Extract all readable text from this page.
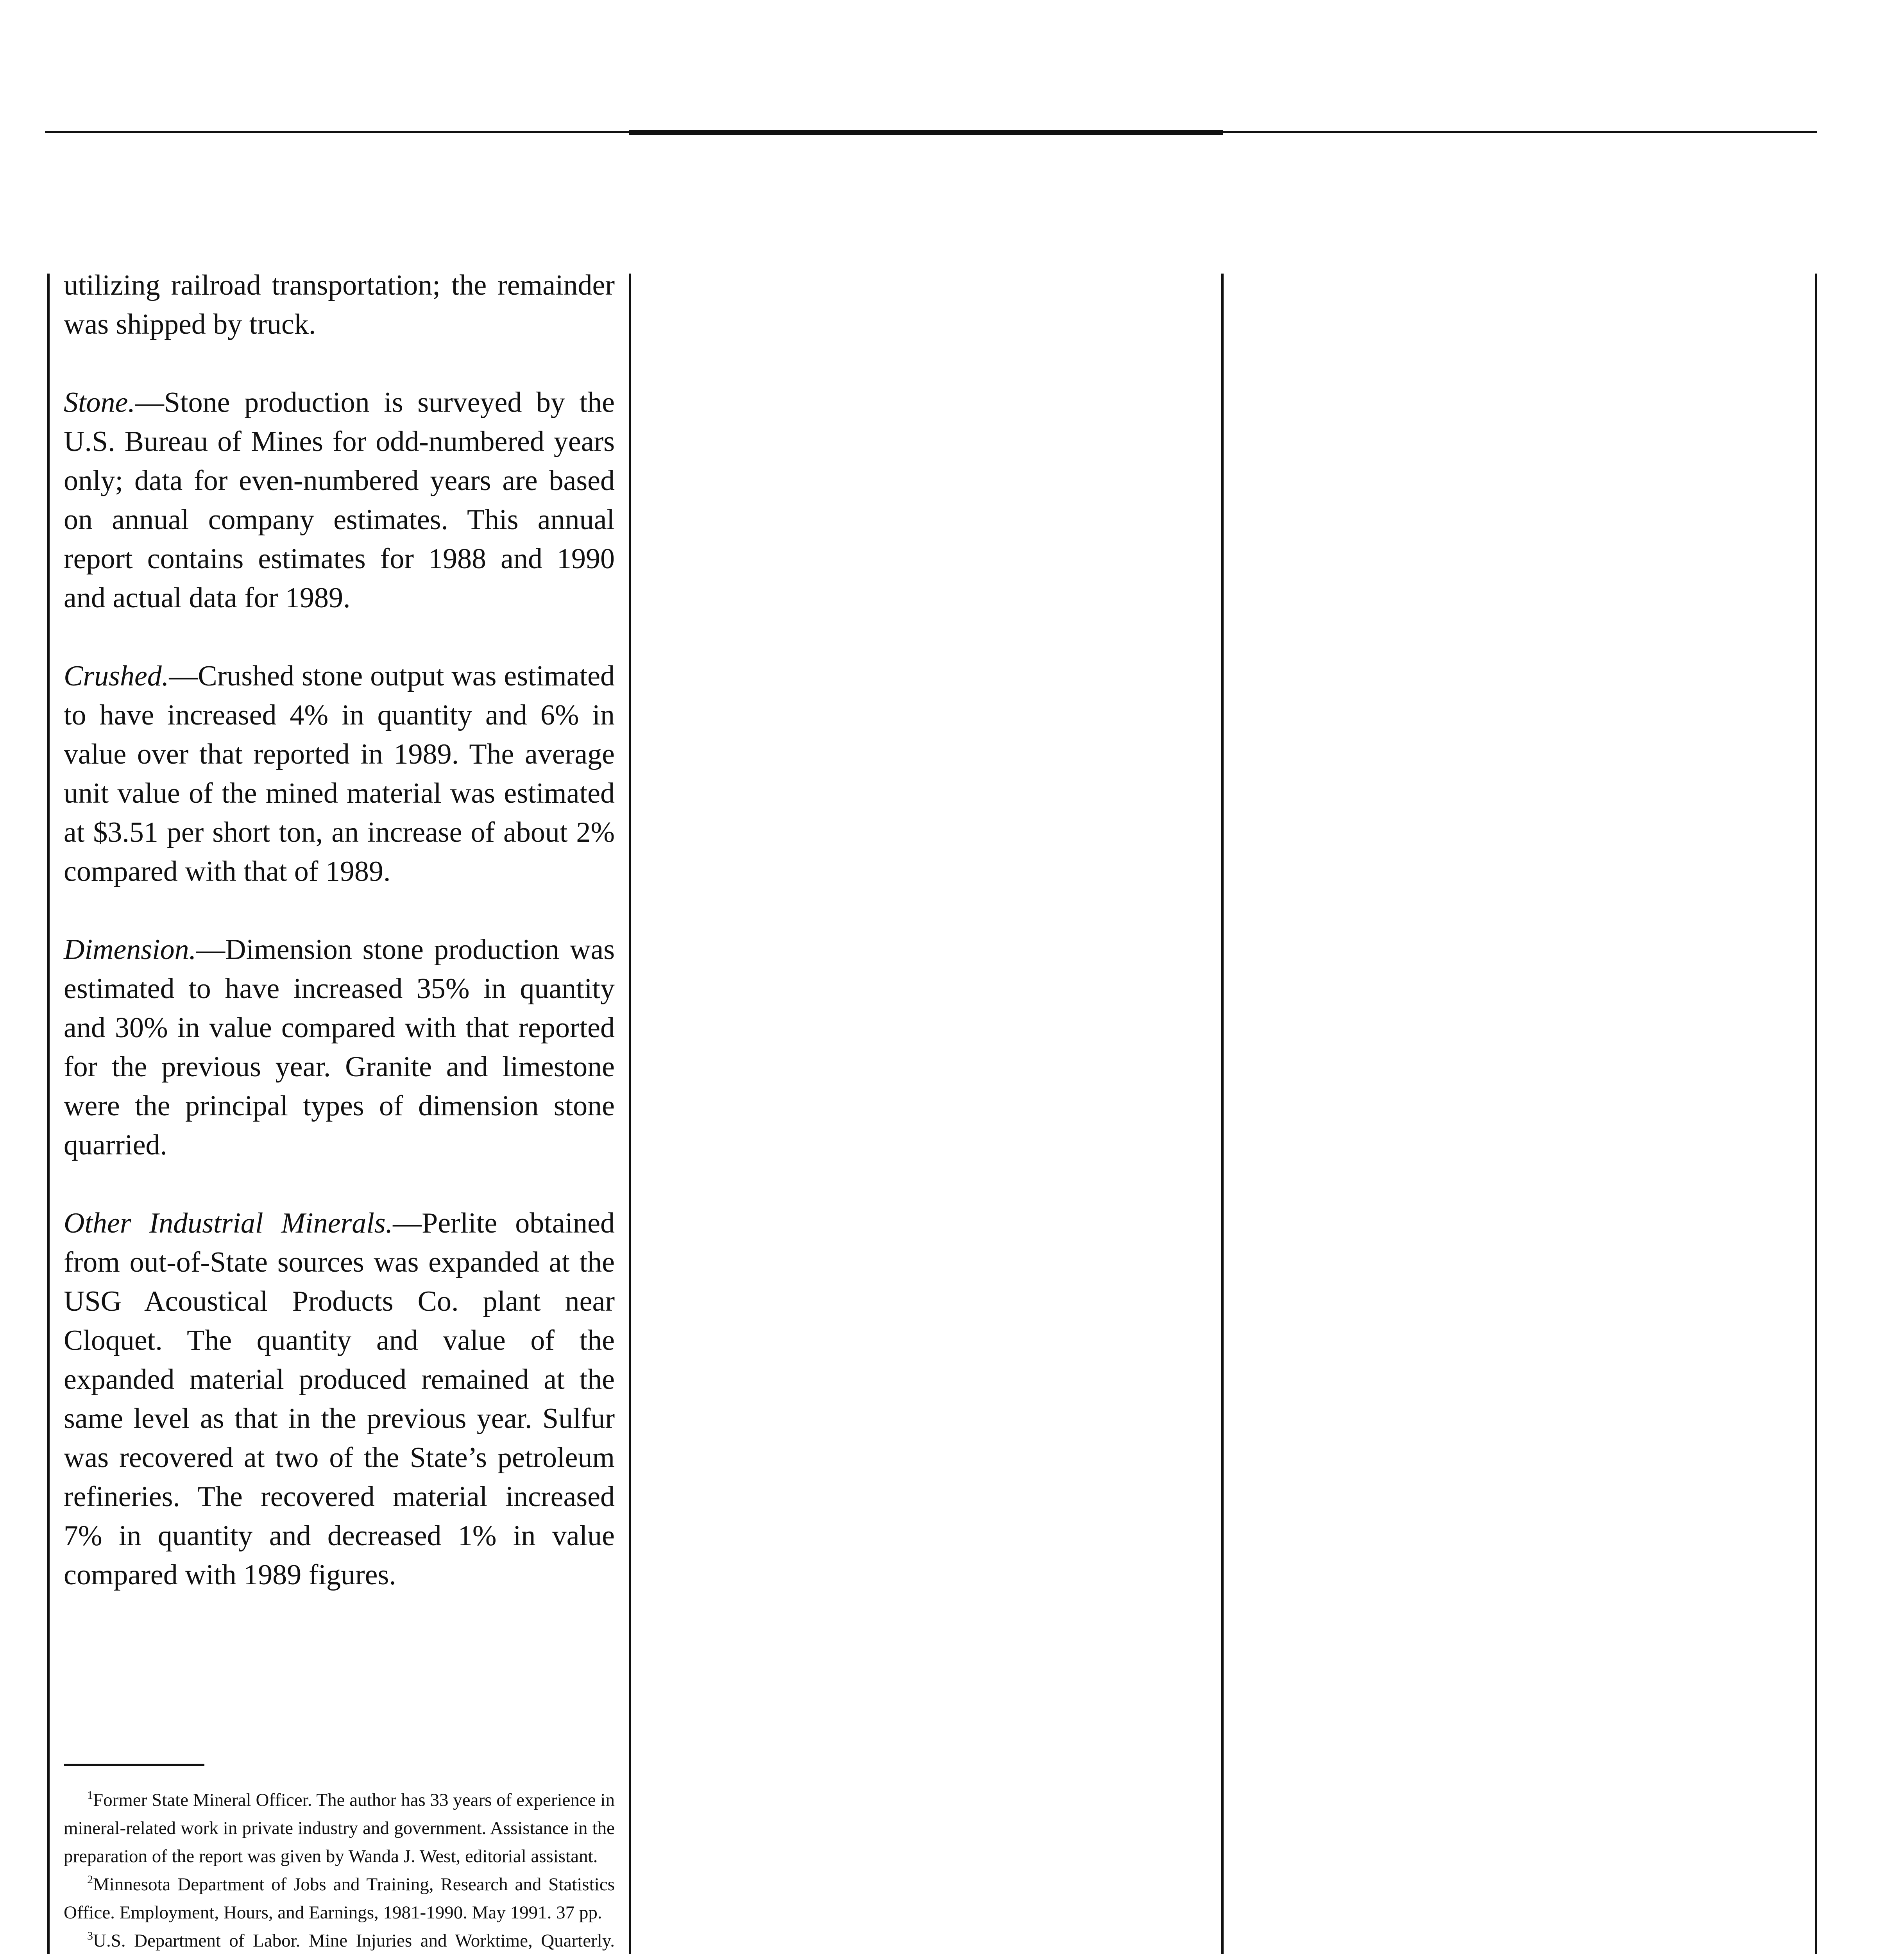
utilizing railroad transportation; the remainder was shipped by truck.

Stone.—Stone production is surveyed by the U.S. Bureau of Mines for odd-numbered years only; data for even-numbered years are based on annual company estimates. This annual report contains estimates for 1988 and 1990 and actual data for 1989.

Crushed.—Crushed stone output was estimated to have increased 4% in quantity and 6% in value over that reported in 1989. The average unit value of the mined material was estimated at $3.51 per short ton, an increase of about 2% compared with that of 1989.

Dimension.—Dimension stone production was estimated to have increased 35% in quantity and 30% in value compared with that reported for the previous year. Granite and limestone were the principal types of dimension stone quarried.

Other Industrial Minerals.—Perlite obtained from out-of-State sources was expanded at the USG Acoustical Products Co. plant near Cloquet. The quantity and value of the expanded material produced remained at the same level as that in the previous year. Sulfur was recovered at two of the State’s petroleum refineries. The recovered material increased 7% in quantity and decreased 1% in value compared with 1989 figures.

$^1$Former State Mineral Officer. The author has 33 years of experience in mineral-related work in private industry and government. Assistance in the preparation of the report was given by Wanda J. West, editorial assistant.

$^2$Minnesota Department of Jobs and Training, Research and Statistics Office. Employment, Hours, and Earnings, 1981-1990. May 1991. 37 pp.

$^3$U.S. Department of Labor. Mine Injuries and Worktime, Quarterly.
